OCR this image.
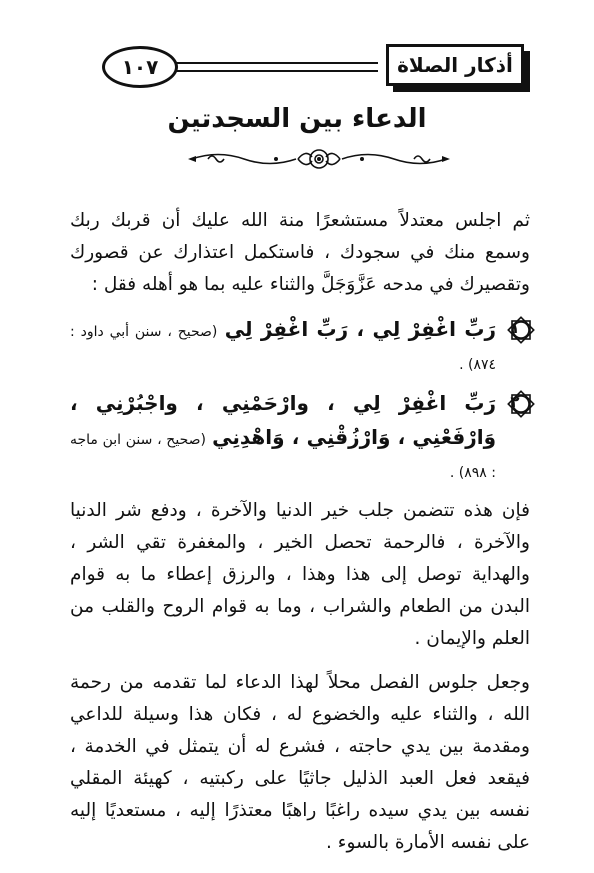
١٠٧	أذكار الصلاة
الدعاء بين السجدتين

ثم اجلس معتدلاً مستشعرًا منة الله عليك أن قربك ربك وسمع منك في سجودك ، فاستكمل اعتذارك عن قصورك وتقصيرك في مدحه عَزَّوَجَلَّ والثناء عليه بما هو أهله فقل :

١
رَبِّ اغْفِرْ لِي ، رَبِّ اغْفِرْ لِي (صحيح ، سنن أبي داود : ٨٧٤) .
٢
رَبِّ اغْفِرْ لِي ، وارْحَمْنِي ، واجْبُرْنِي ، وَارْفَعْنِي ، وَارْزُقْنِي ، وَاهْدِنِي (صحيح ، سنن ابن ماجه : ٨٩٨) .

فإن هذه تتضمن جلب خير الدنيا والآخرة ، ودفع شر الدنيا والآخرة ، فالرحمة تحصل الخير ، والمغفرة تقي الشر ، والهداية توصل إلى هذا وهذا ، والرزق إعطاء ما به قوام البدن من الطعام والشراب ، وما به قوام الروح والقلب من العلم والإيمان .

وجعل جلوس الفصل محلاً لهذا الدعاء لما تقدمه من رحمة الله ، والثناء عليه والخضوع له ، فكان هذا وسيلة للداعي ومقدمة بين يدي حاجته ، فشرع له أن يتمثل في الخدمة ، فيقعد فعل العبد الذليل جاثيًا على ركبتيه ، كهيئة المقلي نفسه بين يدي سيده راغبًا راهبًا معتذرًا إليه ، مستعديًا إليه على نفسه الأمارة بالسوء .
